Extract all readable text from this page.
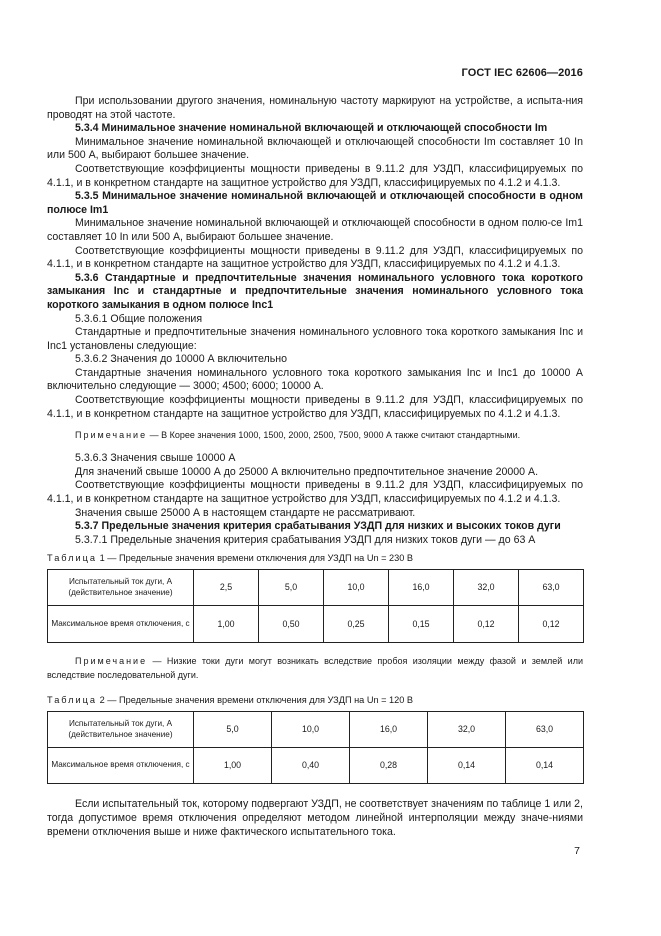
ГОСТ IEC 62606—2016

При использовании другого значения, номинальную частоту маркируют на устройстве, а испыта-ния проводят на этой частоте.

5.3.4 Минимальное значение номинальной включающей и отключающей способности Im

Минимальное значение номинальной включающей и отключающей способности Im составляет 10 In или 500 А, выбирают большее значение.

Соответствующие коэффициенты мощности приведены в 9.11.2 для УЗДП, классифицируемых по 4.1.1, и в конкретном стандарте на защитное устройство для УЗДП, классифицируемых по 4.1.2 и 4.1.3.

5.3.5 Минимальное значение номинальной включающей и отключающей способности в одном полюсе Im1

Минимальное значение номинальной включающей и отключающей способности в одном полю-се Im1 составляет 10 In или 500 А, выбирают большее значение.

Соответствующие коэффициенты мощности приведены в 9.11.2 для УЗДП, классифицируемых по 4.1.1, и в конкретном стандарте на защитное устройство для УЗДП, классифицируемых по 4.1.2 и 4.1.3.

5.3.6 Стандартные и предпочтительные значения номинального условного тока короткого замыкания Inc и стандартные и предпочтительные значения номинального условного тока короткого замыкания в одном полюсе Inc1

5.3.6.1 Общие положения

Стандартные и предпочтительные значения номинального условного тока короткого замыкания Inc и Inc1 установлены следующие:

5.3.6.2 Значения до 10000 А включительно

Стандартные значения номинального условного тока короткого замыкания Inc и Inc1 до 10000 А включительно следующие — 3000; 4500; 6000; 10000 А.

Соответствующие коэффициенты мощности приведены в 9.11.2 для УЗДП, классифицируемых по 4.1.1, и в конкретном стандарте на защитное устройство для УЗДП, классифицируемых по 4.1.2 и 4.1.3.

Примечание — В Корее значения 1000, 1500, 2000, 2500, 7500, 9000 А также считают стандартными.

5.3.6.3 Значения свыше 10000 А

Для значений свыше 10000 А до 25000 А включительно предпочтительное значение 20000 А.

Соответствующие коэффициенты мощности приведены в 9.11.2 для УЗДП, классифицируемых по 4.1.1, и в конкретном стандарте на защитное устройство для УЗДП, классифицируемых по 4.1.2 и 4.1.3.

Значения свыше 25000 А в настоящем стандарте не рассматривают.

5.3.7 Предельные значения критерия срабатывания УЗДП для низких и высоких токов дуги

5.3.7.1 Предельные значения критерия срабатывания УЗДП для низких токов дуги — до 63 А

Таблица 1 — Предельные значения времени отключения для УЗДП на Un = 230 В
Испытательный ток дуги, А (действительное значение)	2,5	5,0	10,0	16,0	32,0	63,0
Максимальное время отключения, с	1,00	0,50	0,25	0,15	0,12	0,12
Примечание — Низкие токи дуги могут возникать вследствие пробоя изоляции между фазой и землей или вследствие последовательной дуги.
Таблица 2 — Предельные значения времени отключения для УЗДП на Un = 120 В
Испытательный ток дуги, А (действительное значение)	5,0	10,0	16,0	32,0	63,0
Максимальное время отключения, с	1,00	0,40	0,28	0,14	0,14

Если испытательный ток, которому подвергают УЗДП, не соответствует значениям по таблице 1 или 2, тогда допустимое время отключения определяют методом линейной интерполяции между значе-ниями времени отключения выше и ниже фактического испытательного тока.

7
